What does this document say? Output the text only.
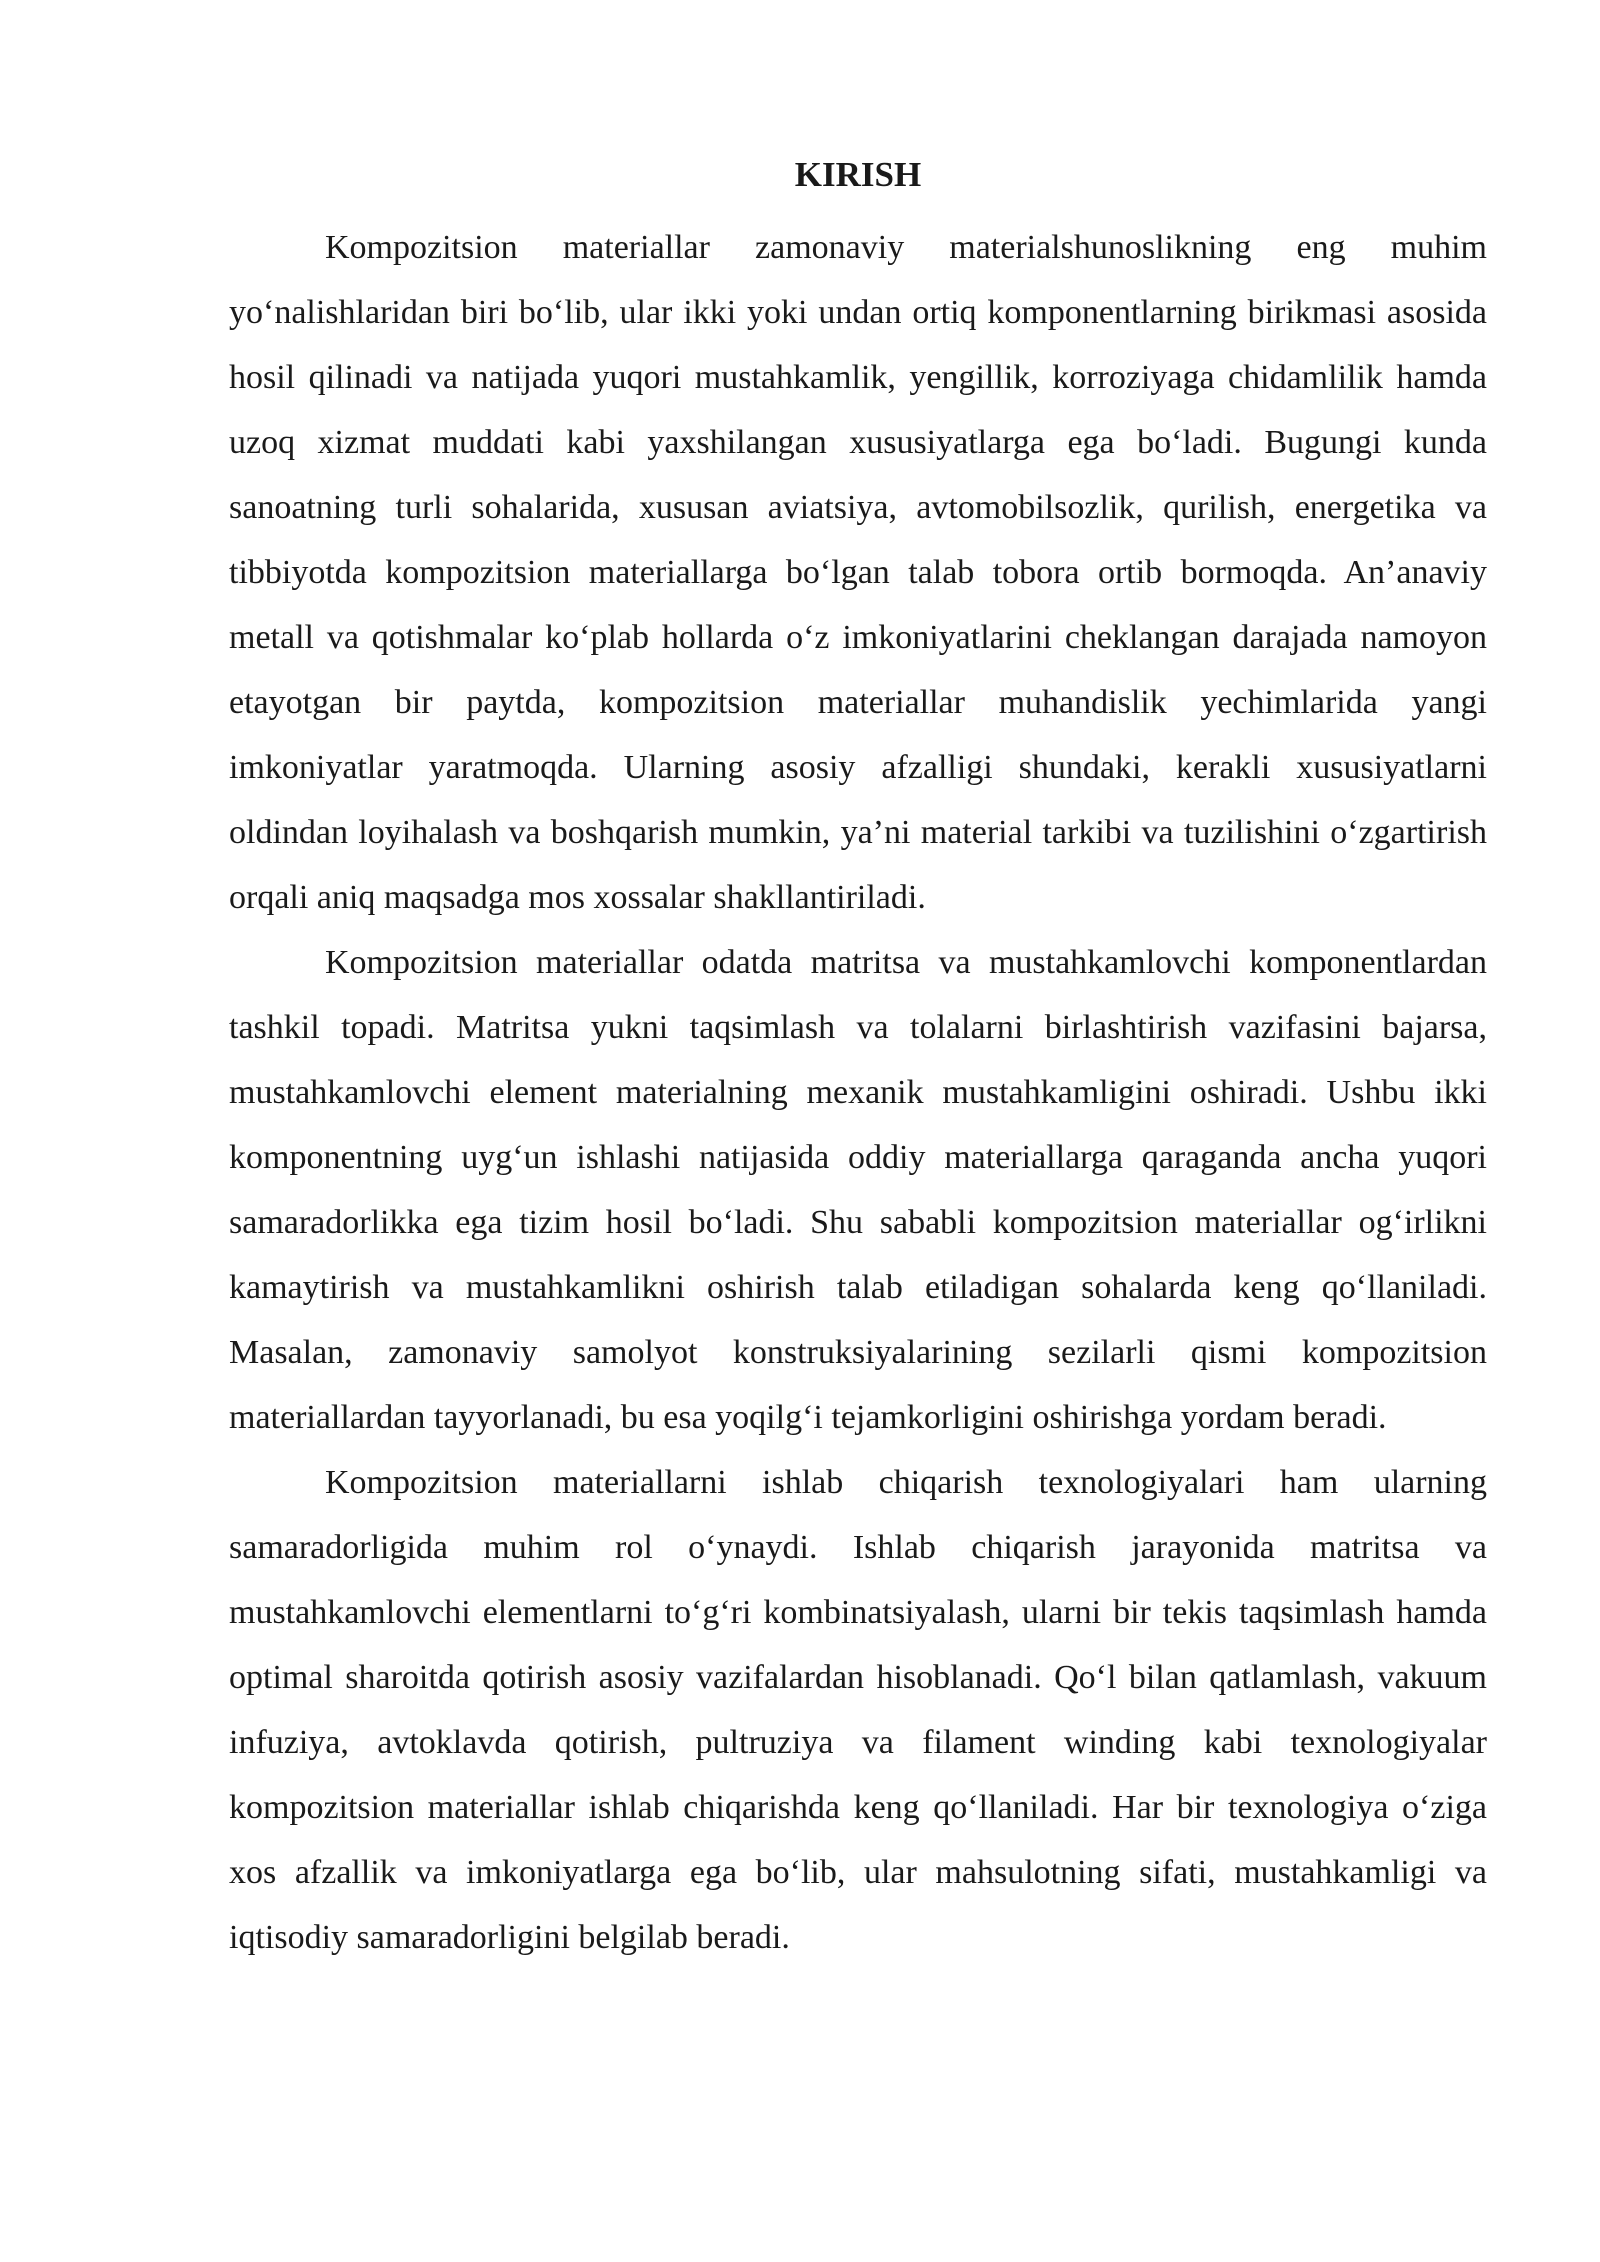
KIRISH

Kompozitsion materiallar zamonaviy materialshunoslikning eng muhim yo‘nalishlaridan biri bo‘lib, ular ikki yoki undan ortiq komponentlarning birikmasi asosida hosil qilinadi va natijada yuqori mustahkamlik, yengillik, korroziyaga chidamlilik hamda uzoq xizmat muddati kabi yaxshilangan xususiyatlarga ega bo‘ladi. Bugungi kunda sanoatning turli sohalarida, xususan aviatsiya, avtomobilsozlik, qurilish, energetika va tibbiyotda kompozitsion materiallarga bo‘lgan talab tobora ortib bormoqda. An’anaviy metall va qotishmalar ko‘plab hollarda o‘z imkoniyatlarini cheklangan darajada namoyon etayotgan bir paytda, kompozitsion materiallar muhandislik yechimlarida yangi imkoniyatlar yaratmoqda. Ularning asosiy afzalligi shundaki, kerakli xususiyatlarni oldindan loyihalash va boshqarish mumkin, ya’ni material tarkibi va tuzilishini o‘zgartirish orqali aniq maqsadga mos xossalar shakllantiriladi.

Kompozitsion materiallar odatda matritsa va mustahkamlovchi komponentlardan tashkil topadi. Matritsa yukni taqsimlash va tolalarni birlashtirish vazifasini bajarsa, mustahkamlovchi element materialning mexanik mustahkamligini oshiradi. Ushbu ikki komponentning uyg‘un ishlashi natijasida oddiy materiallarga qaraganda ancha yuqori samaradorlikka ega tizim hosil bo‘ladi. Shu sababli kompozitsion materiallar og‘irlikni kamaytirish va mustahkamlikni oshirish talab etiladigan sohalarda keng qo‘llaniladi. Masalan, zamonaviy samolyot konstruksiyalarining sezilarli qismi kompozitsion materiallardan tayyorlanadi, bu esa yoqilg‘i tejamkorligini oshirishga yordam beradi.

Kompozitsion materiallarni ishlab chiqarish texnologiyalari ham ularning samaradorligida muhim rol o‘ynaydi. Ishlab chiqarish jarayonida matritsa va mustahkamlovchi elementlarni to‘g‘ri kombinatsiyalash, ularni bir tekis taqsimlash hamda optimal sharoitda qotirish asosiy vazifalardan hisoblanadi. Qo‘l bilan qatlamlash, vakuum infuziya, avtoklavda qotirish, pultruziya va filament winding kabi texnologiyalar kompozitsion materiallar ishlab chiqarishda keng qo‘llaniladi. Har bir texnologiya o‘ziga xos afzallik va imkoniyatlarga ega bo‘lib, ular mahsulotning sifati, mustahkamligi va iqtisodiy samaradorligini belgilab beradi.
